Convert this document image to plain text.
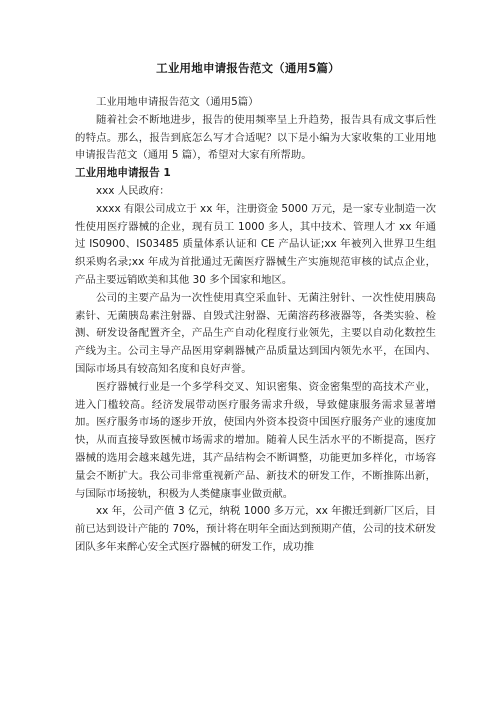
工业用地申请报告范文（通用5篇）

工业用地申请报告范文（通用5篇）

随着社会不断地进步，报告的使用频率呈上升趋势，报告具有成文事后性的特点。那么，报告到底怎么写才合适呢？以下是小编为大家收集的工业用地申请报告范文（通用 5 篇），希望对大家有所帮助。

工业用地申请报告 1

xxx 人民政府：

xxxx 有限公司成立于 xx 年，注册资金 5000 万元，是一家专业制造一次性使用医疗器械的企业，现有员工 1000 多人，其中技术、管理人才 xx 年通过 IS0900、IS03485 质量体系认证和 CE 产品认证;xx 年被列入世界卫生组织采购名录;xx 年成为首批通过无菌医疗器械生产实施规范审核的试点企业，产品主要远销欧美和其他 30 多个国家和地区。

公司的主要产品为一次性使用真空采血针、无菌注射针、一次性使用胰岛素针、无菌胰岛素注射器、自毁式注射器、无菌溶药移液器等，各类实验、检测、研发设备配置齐全，产品生产自动化程度行业领先，主要以自动化数控生产线为主。公司主导产品医用穿刺器械产品质量达到国内领先水平，在国内、国际市场具有较高知名度和良好声誉。

医疗器械行业是一个多学科交叉、知识密集、资金密集型的高技术产业，进入门槛较高。经济发展带动医疗服务需求升级，导致健康服务需求显著增加。医疗服务市场的逐步开放，使国内外资本投资中国医疗服务产业的速度加快，从而直接导致医械市场需求的增加。随着人民生活水平的不断提高，医疗器械的选用会越来越先进，其产品结构会不断调整，功能更加多样化，市场容量会不断扩大。我公司非常重视新产品、新技术的研发工作，不断推陈出新，与国际市场接轨，积极为人类健康事业做贡献。

xx 年，公司产值 3 亿元，纳税 1000 多万元，xx 年搬迁到新厂区后，目前已达到设计产能的 70%，预计将在明年全面达到预期产值，公司的技术研发团队多年来醉心安全式医疗器械的研发工作，成功推
